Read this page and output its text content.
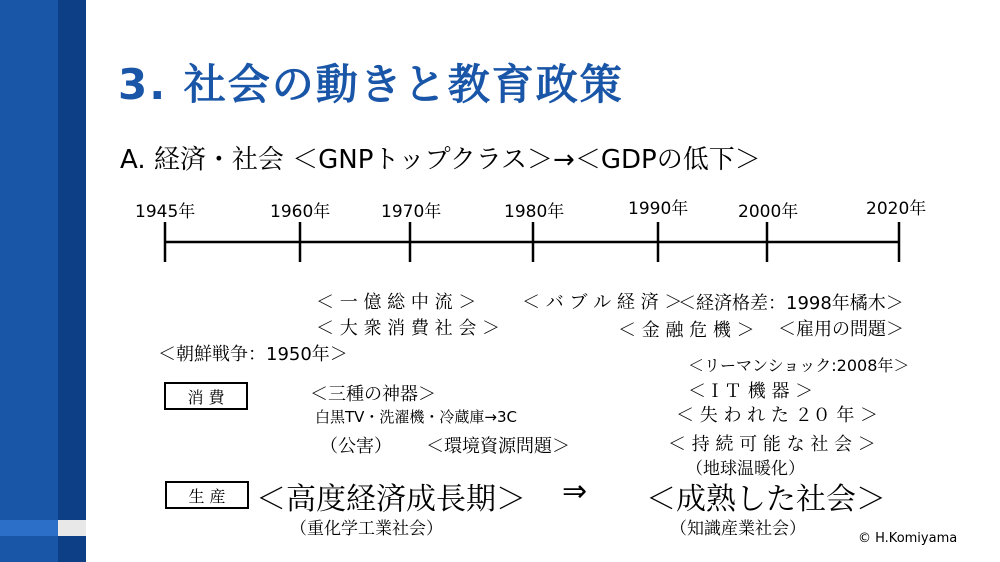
3. 社会の動きと教育政策
A. 経済・社会 ＜GNPトップクラス＞→＜GDPの低下＞
1945年	1960年	1970年	1980年	1990年	2000年	2020年
＜ 一 億 総 中 流 ＞
＜ 大 衆 消 費 社 会 ＞
＜ バ ブ ル 経 済 ＞
＜経済格差：1998年橘木＞
＜ 金 融 危 機 ＞ ＜雇用の問題＞
＜朝鮮戦争：1950年＞
＜リーマンショック:2008年＞
＜ＩＴ 機 器 ＞
＜ 失 わ れ た ２０ 年 ＞
消 費	＜三種の神器＞
白黒TV・洗濯機・冷蔵庫→3C
（公害） ＜環境資源問題＞	＜ 持 続 可 能 な 社 会 ＞
（地球温暖化）
生 産 ＜高度経済成長期＞ ⇒ ＜成熟した社会＞
（重化学工業社会）	（知識産業社会）	© H.Komiyama
